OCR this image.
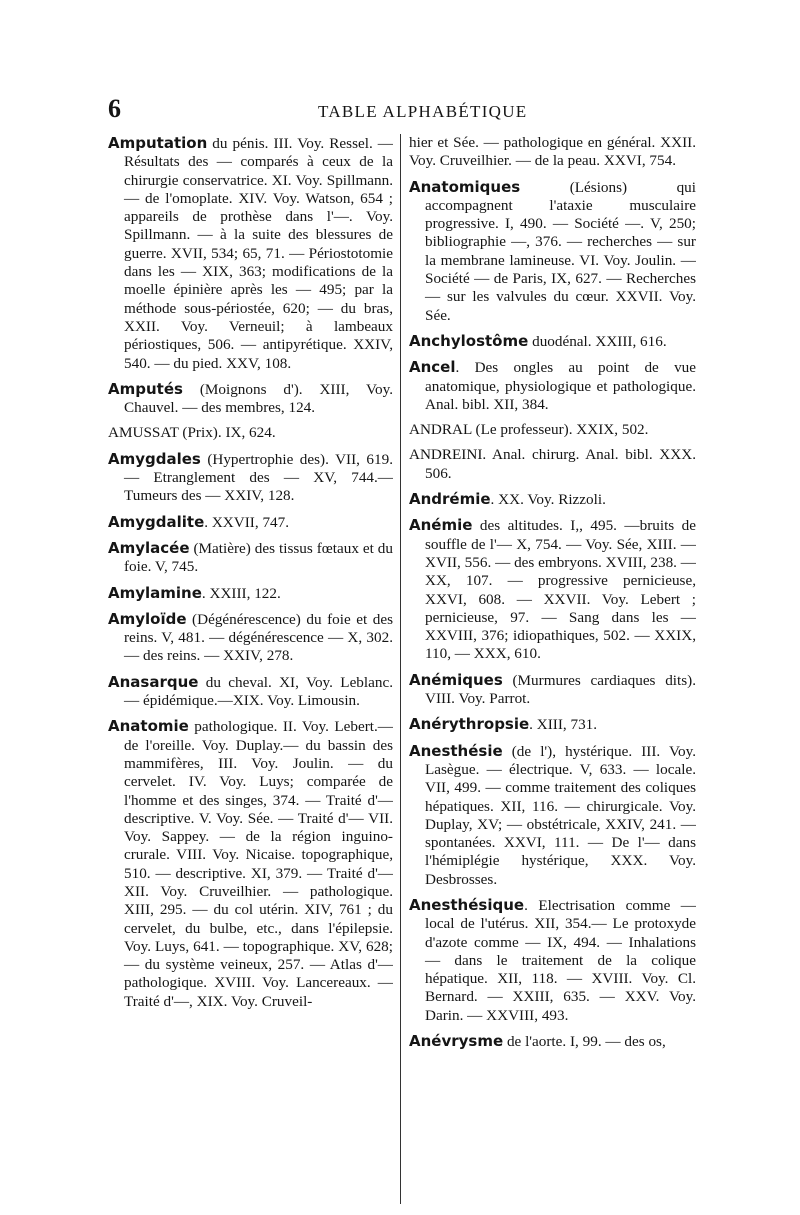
6	TABLE ALPHABÉTIQUE

Amputation du pénis. III. Voy. Ressel. — Résultats des — comparés à ceux de la chirurgie conservatrice. XI. Voy. Spillmann. — de l'omoplate. XIV. Voy. Watson, 654 ; appareils de prothèse dans l'—. Voy. Spillmann. — à la suite des blessures de guerre. XVII, 534; 65, 71. — Périostotomie dans les — XIX, 363; modifications de la moelle épinière après les — 495; par la méthode sous-périostée, 620; — du bras, XXII. Voy. Verneuil; à lambeaux périostiques, 506. — antipyrétique. XXIV, 540. — du pied. XXV, 108.

Amputés (Moignons d'). XIII, Voy. Chauvel. — des membres, 124.

AMUSSAT (Prix). IX, 624.

Amygdales (Hypertrophie des). VII, 619. — Etranglement des — XV, 744.—Tumeurs des — XXIV, 128.

Amygdalite. XXVII, 747.

Amylacée (Matière) des tissus fœtaux et du foie. V, 745.

Amylamine. XXIII, 122.

Amyloïde (Dégénérescence) du foie et des reins. V, 481. — dégénérescence — X, 302. — des reins. — XXIV, 278.

Anasarque du cheval. XI, Voy. Leblanc. — épidémique.—XIX. Voy. Limousin.

Anatomie pathologique. II. Voy. Lebert.— de l'oreille. Voy. Duplay.— du bassin des mammifères, III. Voy. Joulin. — du cervelet. IV. Voy. Luys; comparée de l'homme et des singes, 374. — Traité d'— descriptive. V. Voy. Sée. — Traité d'— VII. Voy. Sappey. — de la région inguino-crurale. VIII. Voy. Nicaise. topographique, 510. — descriptive. XI, 379. — Traité d'— XII. Voy. Cruveilhier. — pathologique. XIII, 295. — du col utérin. XIV, 761 ; du cervelet, du bulbe, etc., dans l'épilepsie. Voy. Luys, 641. — topographique. XV, 628; — du système veineux, 257. — Atlas d'— pathologique. XVIII. Voy. Lancereaux. — Traité d'—, XIX. Voy. Cruveil-

hier et Sée. — pathologique en général. XXII. Voy. Cruveilhier. — de la peau. XXVI, 754.

Anatomiques (Lésions) qui accompagnent l'ataxie musculaire progressive. I, 490. — Société —. V, 250; bibliographie —, 376. — recherches — sur la membrane lamineuse. VI. Voy. Joulin. — Société — de Paris, IX, 627. — Recherches — sur les valvules du cœur. XXVII. Voy. Sée.

Anchylostôme duodénal. XXIII, 616.

Ancel. Des ongles au point de vue anatomique, physiologique et pathologique. Anal. bibl. XII, 384.

ANDRAL (Le professeur). XXIX, 502.

ANDREINI. Anal. chirurg. Anal. bibl. XXX. 506.

Andrémie. XX. Voy. Rizzoli.

Anémie des altitudes. I,, 495. —bruits de souffle de l'— X, 754. — Voy. Sée, XIII. — XVII, 556. — des embryons. XVIII, 238. — XX, 107. — progressive pernicieuse, XXVI, 608. — XXVII. Voy. Lebert ; pernicieuse, 97. — Sang dans les — XXVIII, 376; idiopathiques, 502. — XXIX, 110, — XXX, 610.

Anémiques (Murmures cardiaques dits). VIII. Voy. Parrot.

Anérythropsie. XIII, 731.

Anesthésie (de l'), hystérique. III. Voy. Lasègue. — électrique. V, 633. — locale. VII, 499. — comme traitement des coliques hépatiques. XII, 116. — chirurgicale. Voy. Duplay, XV; — obstétricale, XXIV, 241. — spontanées. XXVI, 111. — De l'— dans l'hémiplégie hystérique, XXX. Voy. Desbrosses.

Anesthésique. Electrisation comme — local de l'utérus. XII, 354.— Le protoxyde d'azote comme — IX, 494. — Inhalations — dans le traitement de la colique hépatique. XII, 118. — XVIII. Voy. Cl. Bernard. — XXIII, 635. — XXV. Voy. Darin. — XXVIII, 493.

Anévrysme de l'aorte. I, 99. — des os,
